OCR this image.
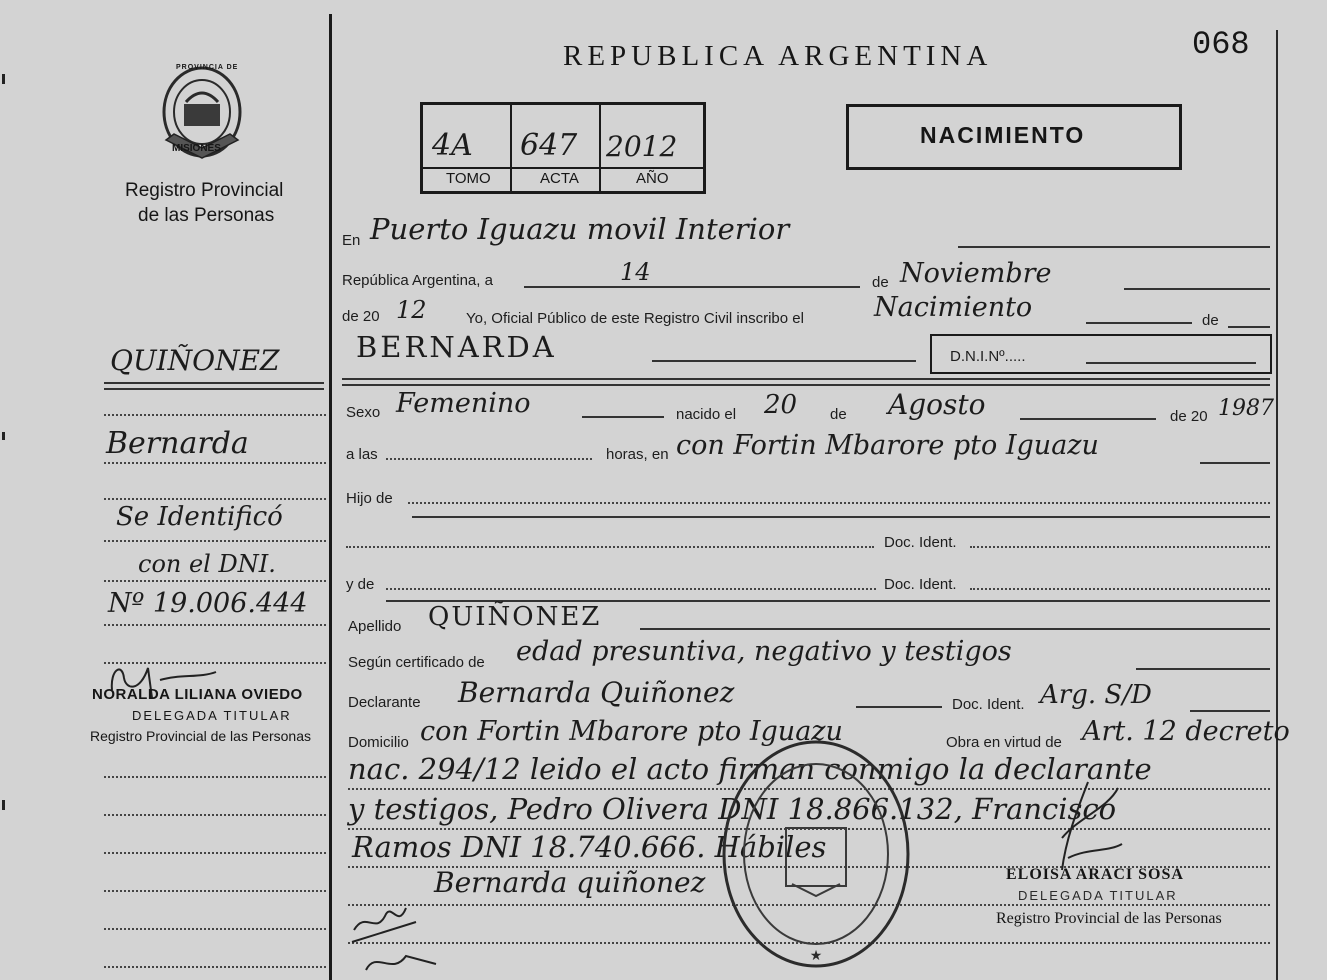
REPUBLICA ARGENTINA	068
PROVINCIA DE
MISIONES
Registro Provincial
de las Personas
4A 647 2012
TOMO	ACTA	AÑO
NACIMIENTO
QUIÑONEZ
Bernarda
Se Identificó
con el DNI.
Nº 19.006.444
NORALDA LILIANA OVIEDO
DELEGADA TITULAR
Registro Provincial de las Personas
En Puerto Iguazu movil Interior
República Argentina, a	14	de Noviembre
de 20 12	Yo, Oficial Público de este Registro Civil inscribo el	Nacimiento	de
BERNARDA	D.N.I.Nº.....
Sexo Femenino	nacido el 20 de Agosto	de 20 1987
a las	horas, en con Fortin Mbarore pto Iguazu
Hijo de
Doc. Ident.
y de	Doc. Ident.
Apellido QUIÑONEZ
Según certificado de edad presuntiva, negativo y testigos
Declarante Bernarda Quiñonez	Doc. Ident. Arg. S/D
Domicilio con Fortin Mbarore pto Iguazu	Obra en virtud de Art. 12 decreto
nac. 294/12 leido el acto firman conmigo la declarante
y testigos, Pedro Olivera DNI 18.866.132, Francisco
Ramos DNI 18.740.666. Hábiles
Bernarda quiñonez
★
ELOISA ARACI SOSA
DELEGADA TITULAR
Registro Provincial de las Personas
